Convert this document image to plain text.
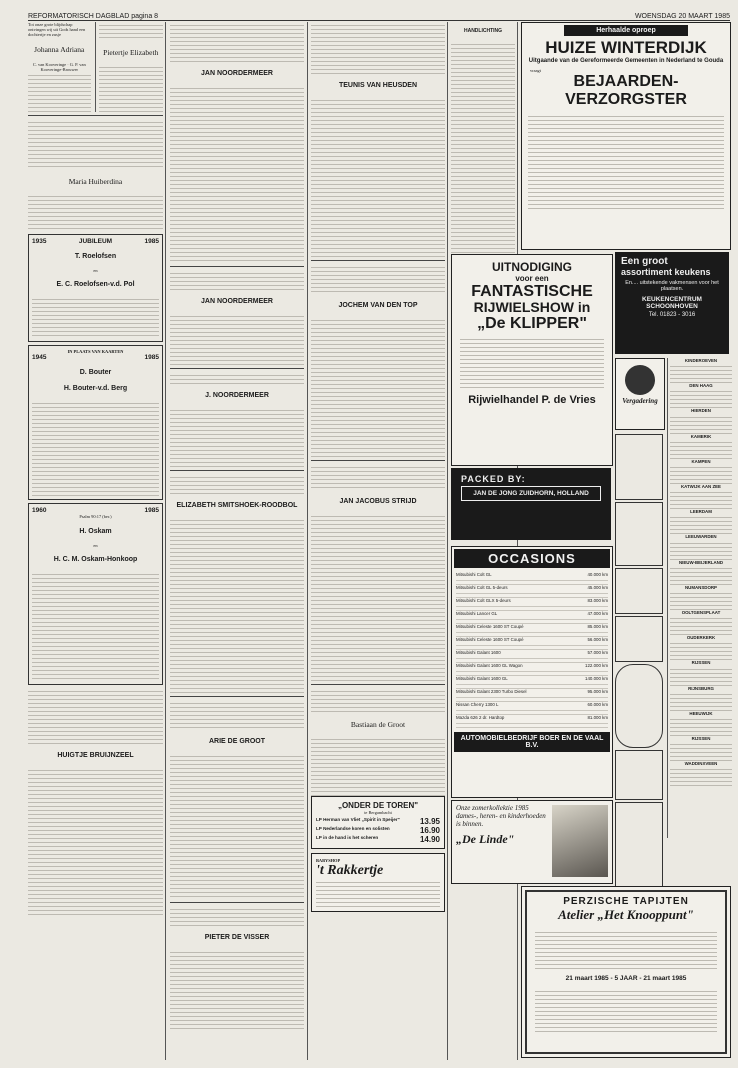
REFORMATORISCH DAGBLAD pagina 8	WOENSDAG 20 MAART 1985

Tot onze grote blijdschap ontvingen wij uit Gods hand een dochtertje en zusje

Johanna Adriana

C. van Kooveringe · G. P. van Kooveringe-Brouwer

Pietertje Elizabeth

Maria Huiberdina

1935	JUBILEUM	1985

T. Roelofsen

en

E. C. Roelofsen-v.d. Pol

IN PLAATS VAN KAARTEN

1945	1985

D. Bouter

H. Bouter-v.d. Berg

1960	1985

Psalm 90:17 (ber.)

H. Oskam

en

H. C. M. Oskam-Honkoop

HUIGTJE BRUIJNZEEL

JAN NOORDERMEER

JAN NOORDERMEER

J. NOORDERMEER

ELIZABETH SMITSHOEK-ROODBOL

ARIE DE GROOT

PIETER DE VISSER

TEUNIS VAN HEUSDEN

JOCHEM VAN DEN TOP

JAN JACOBUS STRIJD

Bastiaan de Groot

„ONDER DE TOREN"

te Bergambacht

LP Herman van Vliet „Spirit in Speijer"	13.95
LP Nederlandse koren en solisten	16.90
LP in de hand is het scheren	14.90

BABYSHOP

't Rakkertje

HANDLICHTING

UITNODIGING

voor een

FANTASTISCHE

RIJWIELSHOW in

„De KLIPPER"

Rijwielhandel P. de Vries

PACKED BY:

JAN DE JONG ZUIDHORN, HOLLAND
OCCASIONS
Mitsubishi Colt GL	40.000 km
Mitsubishi Colt GL 5-deurs	45.000 km
Mitsubishi Colt GLX 5-deurs	83.000 km
Mitsubishi Lancer GL	47.000 km
Mitsubishi Celeste 1600 ST Coupé	85.000 km
Mitsubishi Celeste 1600 ST Coupé	56.000 km
Mitsubishi Galant 1600	57.000 km
Mitsubishi Galant 1600 GL Wagon	122.000 km
Mitsubishi Galant 1600 GL	140.000 km
Mitsubishi Galant 2300 Turbo Diesel	95.000 km
Nissan Cherry 1300 L	60.000 km
Mazda 626 2 dr. Hardtop	81.000 km
AUTOMOBIELBEDRIJF BOER EN DE VAAL B.V.

Onze zomerkollektie 1985

dames-, heren- en kinderhoeden

is binnen.

„De Linde"

Herhaalde oproep

HUIZE WINTERDIJK

Uitgaande van de Gereformeerde Gemeenten in Nederland te Gouda

vraagt

BEJAARDEN-

VERZORGSTER

Een groot

assortiment keukens

En.... uitstekende vakmensen voor het plaatsen.

KEUKENCENTRUM SCHOONHOVEN

Tel. 01823 - 3016

Vergadering

KINDEROEVEN

DEN HAAG

HIERDEN

KAMERIK

KAMPEN

KATWIJK AAN ZEE

LEERDAM

LEEUWARDEN

NIEUW-BEIJERLAND

NUMANSDORP

OOLTGENSPLAAT

OUDERKERK

RIJSSEN

RIJNSBURG

HEEUWIJK

RIJSSEN

WADDINXVEEN

PERZISCHE TAPIJTEN

Atelier „Het Knooppunt"

21 maart 1985 - 5 JAAR - 21 maart 1985
